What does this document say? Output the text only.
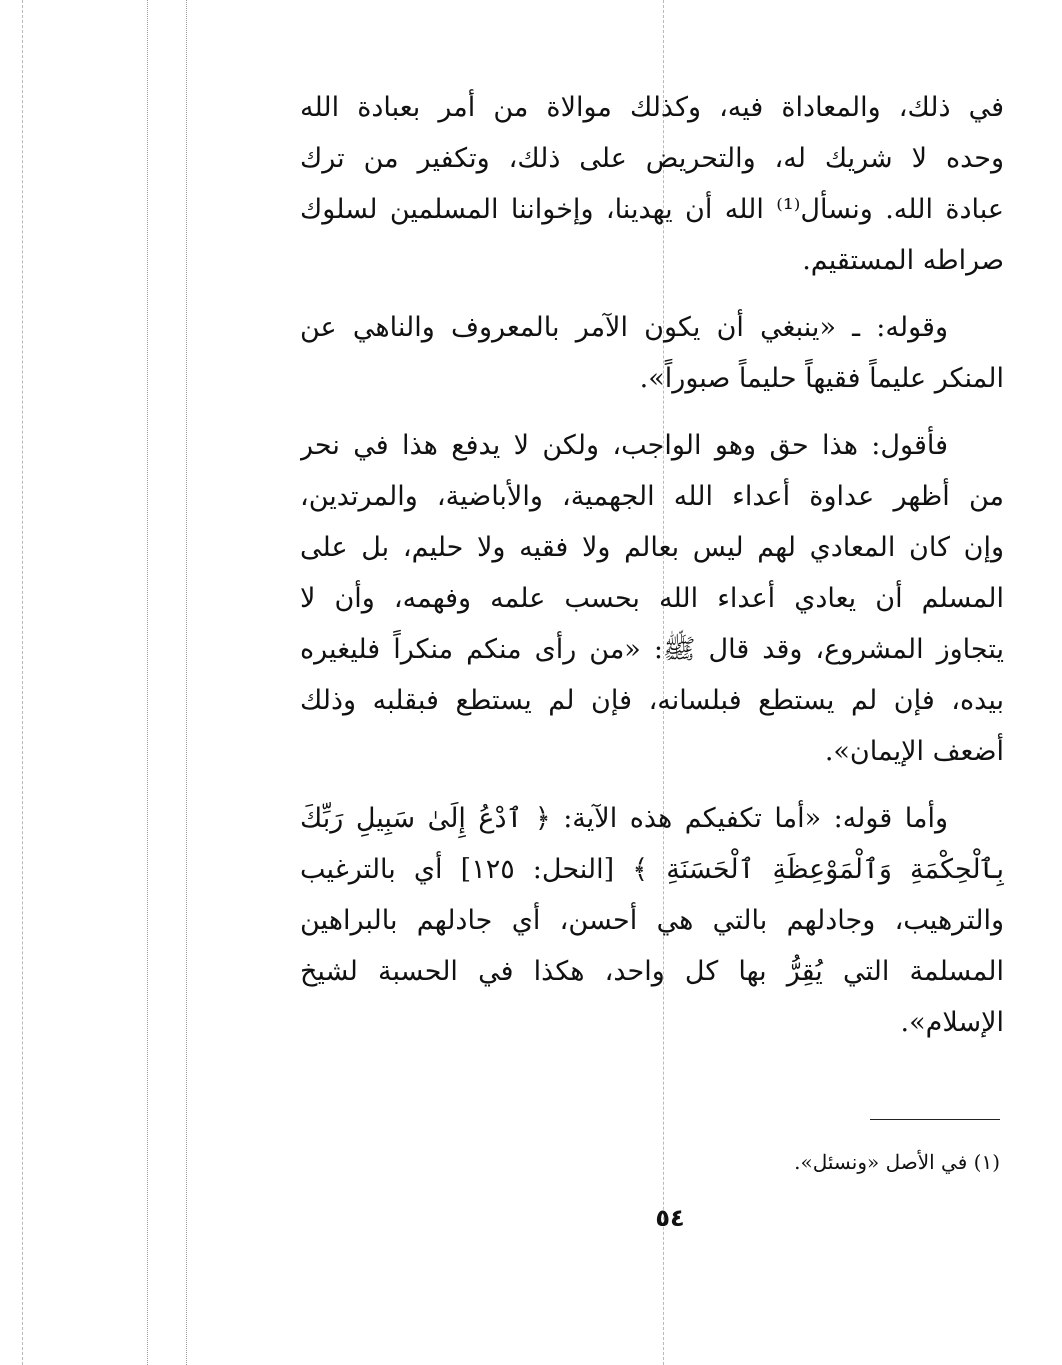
في ذلك، والمعاداة فيه، وكذلك موالاة من أمر بعبادة الله

وحده لا شريك له، والتحريض على ذلك، وتكفير من ترك

عبادة الله. ونسأل⁽¹⁾ الله أن يهدينا، وإخواننا المسلمين لسلوك

صراطه المستقيم.

وقوله: ـ «ينبغي أن يكون الآمر بالمعروف والناهي عن

المنكر عليماً فقيهاً حليماً صبوراً».

فأقول: هذا حق وهو الواجب، ولكن لا يدفع هذا في نحر

من أظهر عداوة أعداء الله الجهمية، والأباضية، والمرتدين،

وإن كان المعادي لهم ليس بعالم ولا فقيه ولا حليم، بل على

المسلم أن يعادي أعداء الله بحسب علمه وفهمه، وأن لا

يتجاوز المشروع، وقد قال ﷺ: «من رأى منكم منكراً فليغيره

بيده، فإن لم يستطع فبلسانه، فإن لم يستطع فبقلبه وذلك

أضعف الإيمان».

وأما قوله: «أما تكفيكم هذه الآية: ﴿ ٱدْعُ إِلَىٰ سَبِيلِ رَبِّكَ

بِٱلْحِكْمَةِ وَٱلْمَوْعِظَةِ ٱلْحَسَنَةِ ﴾ [النحل: ١٢٥] أي بالترغيب

والترهيب، وجادلهم بالتي هي أحسن، أي جادلهم بالبراهين

المسلمة التي يُقِرُّ بها كل واحد، هكذا في الحسبة لشيخ

الإسلام».

(١) في الأصل «ونسئل».
٥٤
